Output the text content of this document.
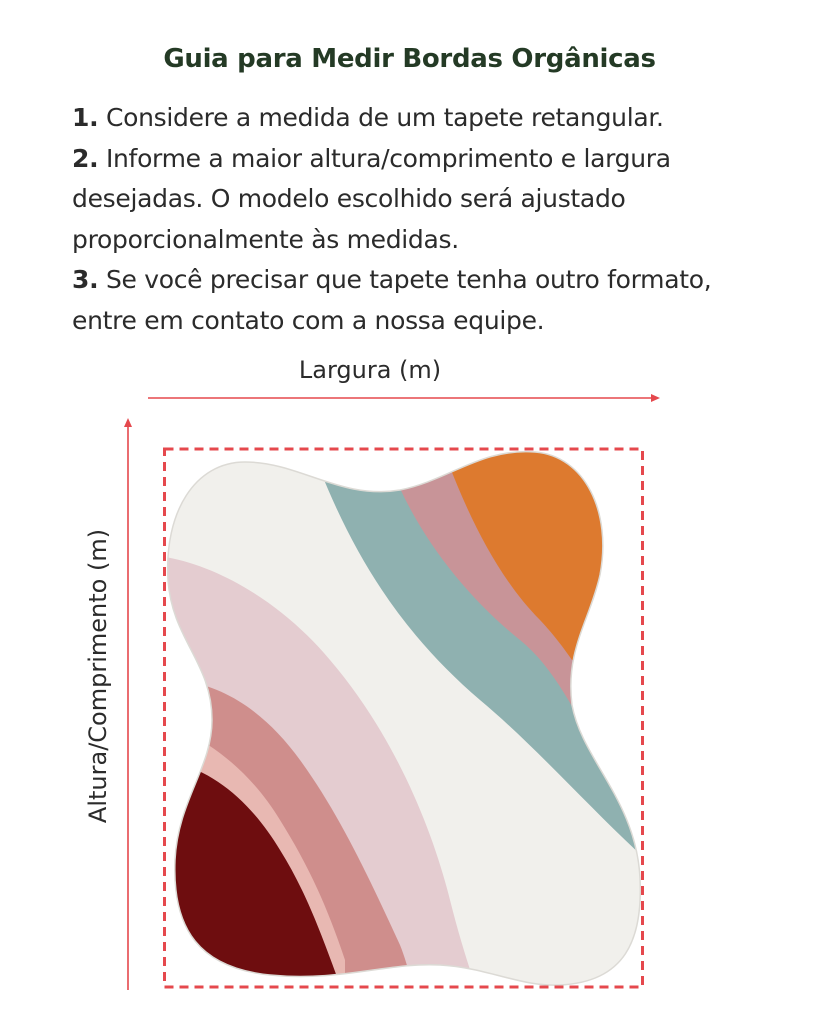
Guia para Medir Bordas Orgânicas

1. Considere a medida de um tapete retangular.

2. Informe a maior altura/comprimento e largura desejadas. O modelo escolhido será ajustado proporcionalmente às medidas.

3. Se você precisar que tapete tenha outro formato, entre em contato com a nossa equipe.

Largura (m)
Altura/Comprimento (m)
